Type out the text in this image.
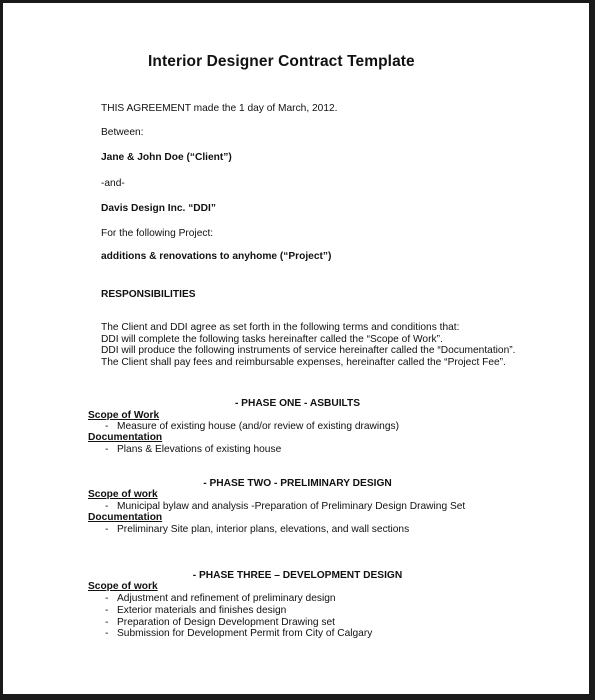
Interior Designer Contract Template
THIS AGREEMENT made the 1 day of March, 2012.
Between:
Jane & John Doe (“Client”)
-and-
Davis Design Inc. “DDI”
For the following Project:
additions & renovations to anyhome (“Project”)
RESPONSIBILITIES
The Client and DDI agree as set forth in the following terms and conditions that:
DDI will complete the following tasks hereinafter called the “Scope of Work”.
DDI will produce the following instruments of service hereinafter called the “Documentation”.
The Client shall pay fees and reimbursable expenses, hereinafter called the “Project Fee”.
- PHASE ONE - ASBUILTS
Scope of Work
- Measure of existing house (and/or review of existing drawings)
Documentation
- Plans & Elevations of existing house
- PHASE TWO - PRELIMINARY DESIGN
Scope of work
- Municipal bylaw and analysis -Preparation of Preliminary Design Drawing Set
Documentation
- Preliminary Site plan, interior plans, elevations, and wall sections
- PHASE THREE – DEVELOPMENT DESIGN
Scope of work
- Adjustment and refinement of preliminary design
- Exterior materials and finishes design
- Preparation of Design Development Drawing set
- Submission for Development Permit from City of Calgary
